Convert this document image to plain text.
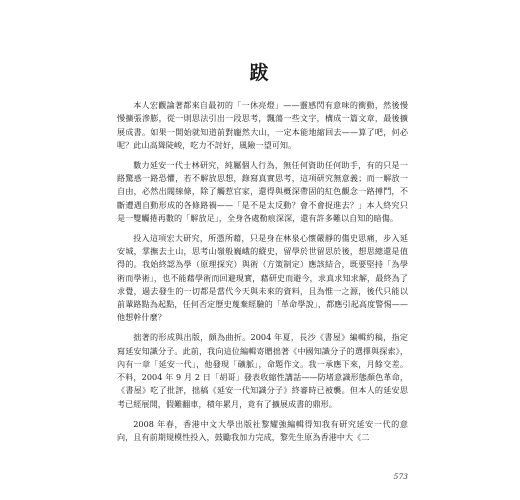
跋

本人宏觀論著都來自最初的「一休亮燈」——靈感閃有意味的衝動，然後慢慢擴張滲膨，從一則思法引出一段思考，飄蕩一些文字，構成一篇文章，最後擴展成書。如果一開始就知道前對龐然大山，一定本能地縮回去——算了吧，何必呢？此山高聳陡峻，吃力不討好，風險一望可知。

數力延安一代士林研究，純屬個人行為，無任何資助任何助手，有的只是一路驚惑一路恐懼，若不解放思想，錄寫真實思考，這項研究無意義；而一解放一自由，必然出閥線條，除了觸惹官家，還得與概深帶固的紅色觀念一路搏鬥，不斷遭遇自動形成的各條路禍——「是不是太反動？會不會捉進去？」本人終究只是一雙觸捲再數的「解放足」，全身各處勒痕深深，還有許多難以自知的暗傷。

投入這項宏大研究，所憑所藉，只是身在林泉心懷嚴靜的傷史思痛，步入延安城，掌撫去土山，思考山嶺般巍峨的縱史，留學於世留思於後，想思總還是值得的。我始終認為學（原理探究）與術（方策制定）應該結合，既要堅持「為學術而學術」，也不能藉學術而回避現實，藉研史而避今，求真求知求解，最終為了求覺，過去發生的一切都是當代今天與未來的資料，且為惟一之源，後代只能以前輩路點為起點，任何否定歷史蔑棄經驗的「革命學說」，都應引起高度警惕——他想幹什麼？

拙著的形成與出版，頗為曲折。2004 年夏，長沙《書屋》編輯約稿，指定寫延安知識分子。此前，我向這位編輯寄贈拙著《中國知識分子的選擇與探索》，內有一章「延安一代」，他發現「礦脈」，命題作文。我一承應下來，月餘交差。不料，2004 年 9 月 2 日「胡哥」發表收縮性講話——防堵意識形態顏色革命，《書屋》吃了批評，拙稿《延安一代知識分子》終審時已被襲。但本人的延安思考已經展開，假難翻車，積年累月，竟有了擴展成書的鼎形。

2008 年春，香港中文大學出版社黎耀強編輯得知我有研究延安一代的意向，且有前期規模性投入，鼓勵我加力完成，黎先生原為香港中大《二

573
